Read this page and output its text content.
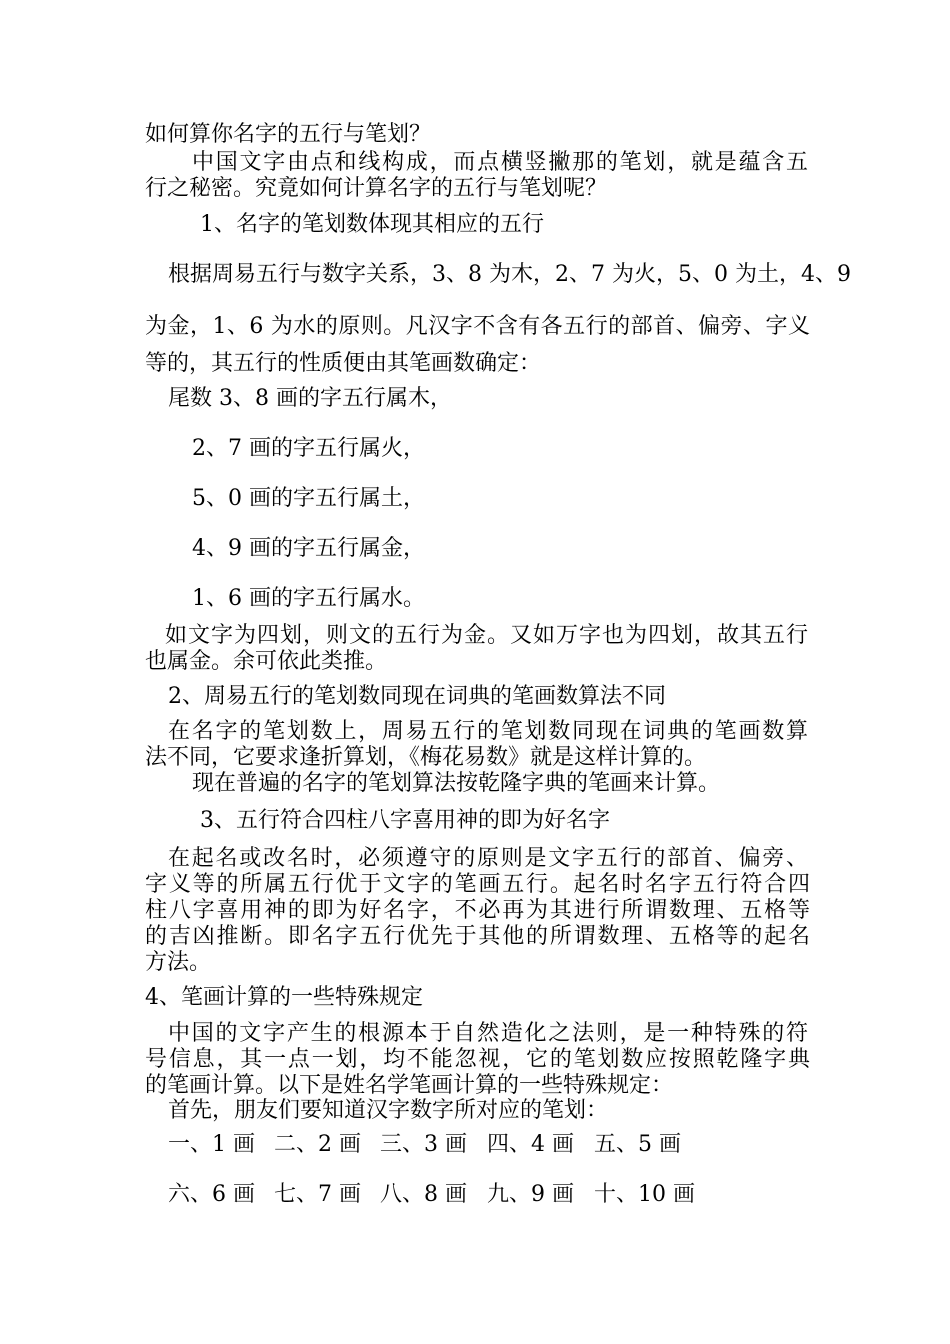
如何算你名字的五行与笔划？
中国文字由点和线构成，而点横竖撇那的笔划，就是蕴含五
行之秘密。究竟如何计算名字的五行与笔划呢？
1、名字的笔划数体现其相应的五行
根据周易五行与数字关系，3、8 为木，2、7 为火，5、0 为土，4、9
为金，1、6 为水的原则。凡汉字不含有各五行的部首、偏旁、字义
等的，其五行的性质便由其笔画数确定：
尾数 3、8 画的字五行属木，
2、7 画的字五行属火，
5、0 画的字五行属土，
4、9 画的字五行属金，
1、6 画的字五行属水。
如文字为四划，则文的五行为金。又如万字也为四划，故其五行
也属金。余可依此类推。
2、周易五行的笔划数同现在词典的笔画数算法不同
在名字的笔划数上，周易五行的笔划数同现在词典的笔画数算
法不同，它要求逢折算划，《梅花易数》就是这样计算的。
现在普遍的名字的笔划算法按乾隆字典的笔画来计算。
3、五行符合四柱八字喜用神的即为好名字
在起名或改名时，必须遵守的原则是文字五行的部首、偏旁、
字义等的所属五行优于文字的笔画五行。起名时名字五行符合四
柱八字喜用神的即为好名字，不必再为其进行所谓数理、五格等
的吉凶推断。即名字五行优先于其他的所谓数理、五格等的起名
方法。
4、笔画计算的一些特殊规定
中国的文字产生的根源本于自然造化之法则，是一种特殊的符
号信息，其一点一划，均不能忽视，它的笔划数应按照乾隆字典
的笔画计算。以下是姓名学笔画计算的一些特殊规定：
首先，朋友们要知道汉字数字所对应的笔划：
一、1 画 二、2 画 三、3 画 四、4 画 五、5 画
六、6 画 七、7 画 八、8 画 九、9 画 十、10 画
